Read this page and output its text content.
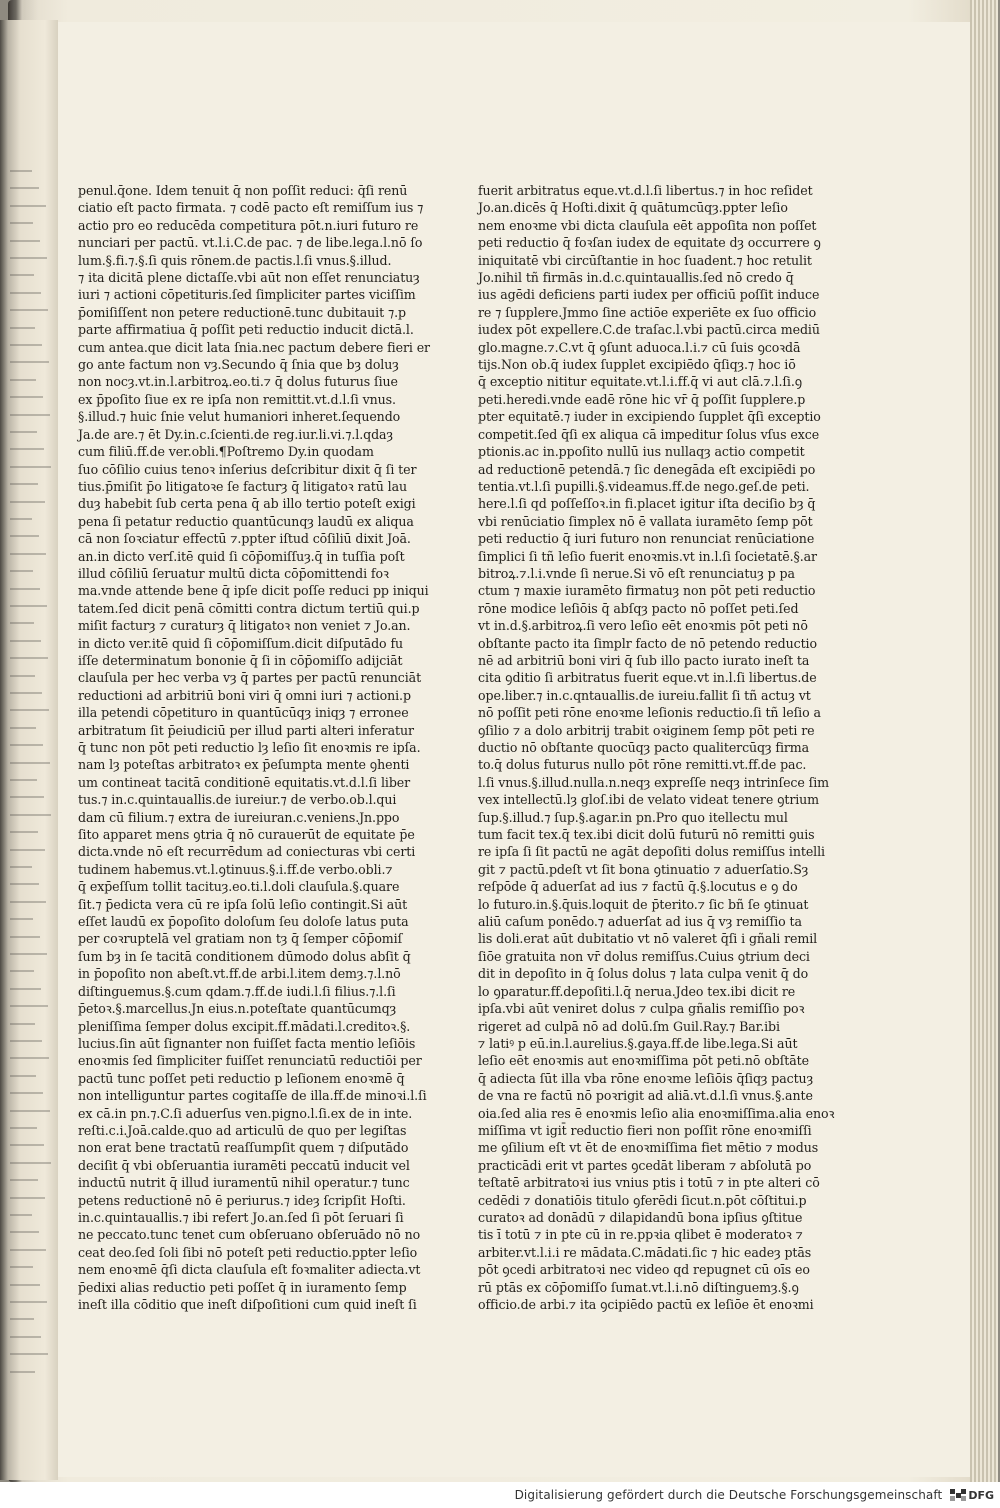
penul.q̄one. Idem tenuit q̄ non poſſit reduci: q̄ſi renū
ciatio eſt pacto firmata. ⁊ codē pacto eſt remiſſum ius ⁊
actio pro eo reducēda competitura pōt.n.iuri futuro re
nunciari per pactū. vt.l.i.C.de pac. ⁊ de libe.lega.l.nō ſo
lum.§.fi.⁊.§.ſi quis rōnem.de pactis.l.ſi vnus.§.illud.
⁊ ita dicitā plene dictaſſe.vbi aūt non eſſet renunciatuȝ
iuri ⁊ actioni cōpetituris.ſed ſimpliciter partes viciſſim
p̄omiſiſſent non petere reductionē.tunc dubitauit ⁊.p
parte affirmatiua q̄ poſſit peti reductio inducit dictā.l.
cum antea.que dicit lata ſnia.nec pactum debere fieri er
go ante factum non vȝ.Secundo q̄ ſnia que bȝ doluȝ
non nocȝ.vt.in.l.arbitroꝝ.eo.ti.⁊ q̄ dolus futurus ſiue
ex p̄poſito ſiue ex re ipſa non remittit.vt.d.l.ſi vnus.
§.illud.⁊ huic ſnie velut humaniori inheret.ſequendo
Ja.de are.⁊ ēt Dy.in.c.ſcienti.de reg.iur.li.vi.⁊.l.qdaȝ
cum filiū.ff.de ver.obli.¶Poſtremo Dy.in quodam
ſuo cōſilio cuius tenoꝛ inſerius deſcribitur dixit q̄ ſi ter
tius.p̄miſit p̄o litigatoꝛe ſe facturȝ q̄ litigatoꝛ ratū lau
duȝ habebit ſub certa pena q̄ ab illo tertio poteſt exigi
pena ſi petatur reductio quantūcunqȝ laudū ex aliqua
cā non ſoꝛciatur effectū ⁊.ppter iſtud cōſiliū dixit Joā.
an.in dicto verſ.itē quid ſi cōp̄omiſſuȝ.q̄ in tuſſia poſt
illud cōſiliū ſeruatur multū dicta cōp̄omittendi foꝛ
ma.vnde attende bene q̄ ipſe dicit poſſe reduci pp iniqui
tatem.ſed dicit penā cōmitti contra dictum tertiū qui.p
miſit facturȝ ⁊ curaturȝ q̄ litigatoꝛ non veniet ⁊ Jo.an.
in dicto ver.itē quid ſi cōp̄omiſſum.dicit diſputādo fu
iſſe determinatum bononie q̄ ſi in cōp̄omiſſo adijciāt
clauſula per hec verba vȝ q̄ partes per pactū renunciāt
reductioni ad arbitriū boni viri q̄ omni iuri ⁊ actioni.p
illa petendi cōpetituro in quantūcūqȝ iniqȝ ⁊ erronee
arbitratum ſit p̄eiudiciū per illud parti alteri inferatur
q̄ tunc non pōt peti reductio lȝ leſio ſit enoꝛmis re ipſa.
nam lȝ poteſtas arbitratoꝛ ex p̄eſumpta mente ꝯhenti
um contineat tacitā conditionē equitatis.vt.d.l.ſi liber
tus.⁊ in.c.quintauallis.de iureiur.⁊ de verbo.ob.l.qui
dam cū filium.⁊ extra de iureiuran.c.veniens.Jn.ppo
ſito apparet mens ꝯtria q̄ nō curauerūt de equitate p̄e
dicta.vnde nō eſt recurrēdum ad coniecturas vbi certi
tudinem habemus.vt.l.ꝯtinuus.§.i.ff.de verbo.obli.⁊
q̄ exp̄eſſum tollit tacituȝ.eo.ti.l.doli clauſula.§.quare
ſit.⁊ p̄edicta vera cū re ipſa ſolū leſio contingit.Si aūt
eſſet laudū ex p̄opoſito doloſum ſeu doloſe latus puta
per coꝛruptelā vel gratiam non tȝ q̄ ſemper cōp̄omiſ
ſum bȝ in ſe tacitā conditionem dūmodo dolus abſit q̄
in p̄opoſito non abeſt.vt.ff.de arbi.l.item demȝ.⁊.l.nō
diſtinguemus.§.cum qdam.⁊.ff.de iudi.l.ſi filius.⁊.l.ſi
p̄etoꝛ.§.marcellus.Jn eius.n.poteſtate quantūcumqȝ
pleniſſima ſemper dolus excipit.ff.mādati.l.creditoꝛ.§.
lucius.ſin aūt ſignanter non fuiſſet facta mentio leſiōis
enoꝛmis ſed ſimpliciter fuiſſet renunciatū reductiōi per
pactū tunc poſſet peti reductio p leſionem enoꝛmē q̄
non intelliguntur partes cogitaſſe de illa.ff.de minoꝛi.l.ſi
ex cā.in pn.⁊.C.ſi aduerſus ven.pigno.l.ſi.ex de in inte.
reſti.c.i.Joā.calde.quo ad articulū de quo per legiſtas
non erat bene tractatū reaſſumpſit quem ⁊ diſputādo
deciſit q̄ vbi obſeruantia iuramēti peccatū inducit vel
inductū nutrit q̄ illud iuramentū nihil operatur.⁊ tunc
petens reductionē nō ē periurus.⁊ ideȝ ſcripſit Hoſti.
in.c.quintauallis.⁊ ibi refert Jo.an.ſed ſi pōt ſeruari ſi
ne peccato.tunc tenet cum obſeruano obſeruādo nō no
ceat deo.ſed ſoli ſibi nō poteſt peti reductio.ppter leſio
nem enoꝛmē q̄ſi dicta clauſula eſt foꝛmaliter adiecta.vt
p̄edixi alias reductio peti poſſet q̄ in iuramento ſemp
ineſt illa cōditio que ineſt diſpoſitioni cum quid ineſt ſi
fuerit arbitratus eque.vt.d.l.ſi libertus.⁊ in hoc reſidet
Jo.an.dicēs q̄ Hoſti.dixit q̄ quātumcūqȝ.ppter leſio
nem enoꝛme vbi dicta clauſula eēt appoſita non poſſet
peti reductio q̄ foꝛſan iudex de equitate dȝ occurrere ꝯ
iniquitatē vbi circūſtantie in hoc ſuadent.⁊ hoc retulit
Jo.nihil tñ firmās in.d.c.quintauallis.ſed nō credo q̄
ius agēdi deficiens parti iudex per officiū poſſit induce
re ⁊ ſupplere.Jmmo ſine actiōe experiēte ex ſuo officio
iudex pōt expellere.C.de traſac.l.vbi pactū.circa mediū
glo.magne.⁊.C.vt q̄ ꝯſunt aduoca.l.i.⁊ cū ſuis ꝯcoꝛdā
tijs.Non ob.q̄ iudex ſupplet excipiēdo q̄ſiqȝ.⁊ hoc iō
q̄ exceptio nititur equitate.vt.l.i.ff.q̄ vi aut clā.⁊.l.ſi.ꝯ
peti.heredi.vnde eadē rōne hic vr̄ q̄ poſſit ſupplere.p
pter equitatē.⁊ iuder in excipiendo ſupplet q̄ſi exceptio
competit.ſed q̄ſi ex aliqua cā impeditur ſolus vſus exce
ptionis.ac in.ppoſito nullū ius nullaqȝ actio competit
ad reductionē petendā.⁊ ſic denegāda eſt excipiēdi po
tentia.vt.l.ſi pupilli.§.videamus.ff.de nego.geſ.de peti.
here.l.ſi qd poſſeſſoꝛ.in fi.placet igitur iſta deciſio bȝ q̄
vbi renūciatio ſimplex nō ē vallata iuramēto ſemp pōt
peti reductio q̄ iuri futuro non renunciat renūciatione
ſimplici ſi tñ leſio fuerit enoꝛmis.vt in.l.ſi ſocietatē.§.ar
bitroꝝ.⁊.l.i.vnde ſi nerue.Si vō eſt renunciatuȝ p pa
ctum ⁊ maxie iuramēto firmatuȝ non pōt peti reductio
rōne modice leſiōis q̄ abſqȝ pacto nō poſſet peti.ſed
vt in.d.§.arbitroꝝ.ſi vero leſio eēt enoꝛmis pōt peti nō
obſtante pacto ita ſimplr facto de nō petendo reductio
nē ad arbitriū boni viri q̄ ſub illo pacto iurato ineſt ta
cita ꝯditio ſi arbitratus fuerit eque.vt in.l.ſi libertus.de
ope.liber.⁊ in.c.qntauallis.de iureiu.fallit ſi tñ actuȝ vt
nō poſſit peti rōne enoꝛme leſionis reductio.ſi tñ leſio a
ꝯſilio ⁊ a dolo arbitrij trabit oꝛiginem ſemp pōt peti re
ductio nō obſtante quocūqȝ pacto qualitercūqȝ firma
to.q̄ dolus futurus nullo pōt rōne remitti.vt.ff.de pac.
l.ſi vnus.§.illud.nulla.n.neqȝ expreſſe neqȝ intrinſece ſim
vex intellectū.lȝ gloſ.ibi de velato videat tenere ꝯtrium
ſup.§.illud.⁊ ſup.§.agar.in pn.Pro quo itellectu mul
tum facit tex.q̄ tex.ibi dicit dolū futurū nō remitti ꝯuis
re ipſa ſi ſit pactū ne agāt depoſiti dolus remiſſus intelli
git ⁊ pactū.pdeſt vt ſit bona ꝯtinuatio ⁊ aduerſatio.Sȝ
reſpōde q̄ aduerſat ad ius ⁊ factū q̄.§.locutus e ꝯ do
lo futuro.in.§.q̄uis.loquit de p̄terito.⁊ ſic bñ ſe ꝯtinuat
aliū caſum ponēdo.⁊ aduerſat ad ius q̄ vȝ remiſſio ta
lis doli.erat aūt dubitatio vt nō valeret q̄ſi i gñali remil
ſiōe gratuita non vr̄ dolus remiſſus.Cuius ꝯtrium deci
dit in depoſito in q̄ ſolus dolus ⁊ lata culpa venit q̄ do
lo ꝯparatur.ff.depoſiti.l.q̄ nerua.Jdeo tex.ibi dicit re
ipſa.vbi aūt veniret dolus ⁊ culpa gñalis remiſſio poꝛ
rigeret ad culpā nō ad dolū.ſm Guil.Ray.⁊ Bar.ibi
⁊ latiꝰ p eū.in.l.aurelius.§.gaya.ff.de libe.lega.Si aūt
leſio eēt enoꝛmis aut enoꝛmiſſima pōt peti.nō obſtāte
q̄ adiecta ſūt illa vba rōne enoꝛme leſiōis q̄ſiqȝ pactuȝ
de vna re factū nō poꝛrigit ad aliā.vt.d.l.ſi vnus.§.ante
oia.ſed alia res ē enoꝛmis leſio alia enoꝛmiſſima.alia enoꝛ
miſſima vt igit̄ reductio fieri non poſſit rōne enoꝛmiſſi
me ꝯſilium eſt vt ēt de enoꝛmiſſima fiet mētio ⁊ modus
practicādi erit vt partes ꝯcedāt liberam ⁊ abſolutā po
teſtatē arbitratoꝛi ius vnius ptis i totū ⁊ in pte alteri cō
cedēdi ⁊ donatiōis titulo ꝯferēdi ſicut.n.pōt cōſtitui.p
curatoꝛ ad donādū ⁊ dilapidandū bona ipſius ꝯſtitue
tis ī totū ⁊ in pte cū in re.ppꝛia qlibet ē moderatoꝛ ⁊
arbiter.vt.l.i.i re mādata.C.mādati.ſic ⁊ hic eadeȝ ptās
pōt ꝯcedi arbitratoꝛi nec video qd repugnet cū oīs eo
rū ptās ex cōp̄omiſſo ſumat.vt.l.i.nō diſtinguemȝ.§.ꝯ
officio.de arbi.⁊ ita ꝯcipiēdo pactū ex leſiōe ēt enoꝛmi
Digitalisierung gefördert durch die Deutsche Forschungsgemeinschaft DFG
